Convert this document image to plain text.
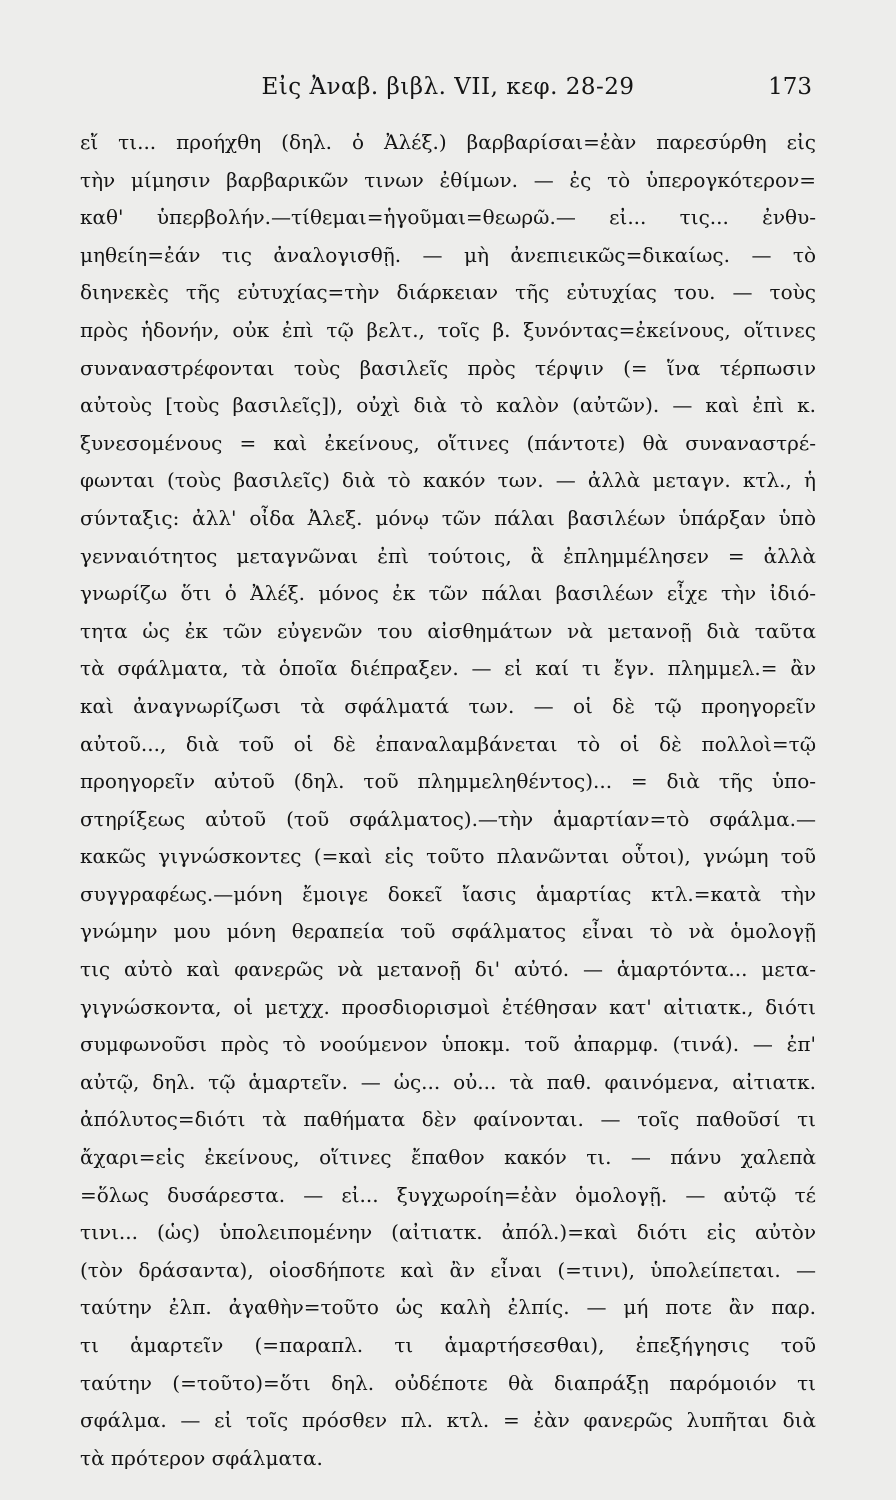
Εἰς Ἀναβ. βιβλ. VII, κεφ. 28-29	173
εἴ τι... προήχθη (δηλ. ὁ Ἀλέξ.) βαρβαρίσαι=ἐὰν παρεσύρθη εἰς
τὴν μίμησιν βαρβαρικῶν τινων ἐθίμων. — ἐς τὸ ὑπερογκότερον=
καθ' ὑπερβολήν.—τίθεμαι=ἡγοῦμαι=θεωρῶ.— εἰ... τις... ἐνθυ-
μηθείη=ἐάν τις ἀναλογισθῇ. — μὴ ἀνεπιεικῶς=δικαίως. — τὸ
διηνεκὲς τῆς εὐτυχίας=τὴν διάρκειαν τῆς εὐτυχίας του. — τοὺς
πρὸς ἡδονήν, οὐκ ἐπὶ τῷ βελτ., τοῖς β. ξυνόντας=ἐκείνους, οἵτινες
συναναστρέφονται τοὺς βασιλεῖς πρὸς τέρψιν (= ἵνα τέρπωσιν
αὐτοὺς [τοὺς βασιλεῖς]), οὐχὶ διὰ τὸ καλὸν (αὐτῶν). — καὶ ἐπὶ κ.
ξυνεσομένους = καὶ ἐκείνους, οἵτινες (πάντοτε) θὰ συναναστρέ-
φωνται (τοὺς βασιλεῖς) διὰ τὸ κακόν των. — ἀλλὰ μεταγν. κτλ., ἡ
σύνταξις: ἀλλ' οἶδα Ἀλεξ. μόνῳ τῶν πάλαι βασιλέων ὑπάρξαν ὑπὸ
γενναιότητος μεταγνῶναι ἐπὶ τούτοις, ἃ ἐπλημμέλησεν = ἀλλὰ
γνωρίζω ὅτι ὁ Ἀλέξ. μόνος ἐκ τῶν πάλαι βασιλέων εἶχε τὴν ἰδιό-
τητα ὡς ἐκ τῶν εὐγενῶν του αἰσθημάτων νὰ μετανοῇ διὰ ταῦτα
τὰ σφάλματα, τὰ ὁποῖα διέπραξεν. — εἰ καί τι ἔγν. πλημμελ.= ἂν
καὶ ἀναγνωρίζωσι τὰ σφάλματά των. — οἱ δὲ τῷ προηγορεῖν
αὐτοῦ..., διὰ τοῦ οἱ δὲ ἐπαναλαμβάνεται τὸ οἱ δὲ πολλοὶ=τῷ
προηγορεῖν αὐτοῦ (δηλ. τοῦ πλημμεληθέντος)... = διὰ τῆς ὑπο-
στηρίξεως αὐτοῦ (τοῦ σφάλματος).—τὴν ἁμαρτίαν=τὸ σφάλμα.—
κακῶς γιγνώσκοντες (=καὶ εἰς τοῦτο πλανῶνται οὗτοι), γνώμη τοῦ
συγγραφέως.—μόνη ἔμοιγε δοκεῖ ἴασις ἁμαρτίας κτλ.=κατὰ τὴν
γνώμην μου μόνη θεραπεία τοῦ σφάλματος εἶναι τὸ νὰ ὁμολογῇ
τις αὐτὸ καὶ φανερῶς νὰ μετανοῇ δι' αὐτό. — ἁμαρτόντα... μετα-
γιγνώσκοντα, οἱ μετχχ. προσδιορισμοὶ ἐτέθησαν κατ' αἰτιατκ., διότι
συμφωνοῦσι πρὸς τὸ νοούμενον ὑποκμ. τοῦ ἀπαρμφ. (τινά). — ἐπ'
αὐτῷ, δηλ. τῷ ἁμαρτεῖν. — ὡς... οὐ... τὰ παθ. φαινόμενα, αἰτιατκ.
ἀπόλυτος=διότι τὰ παθήματα δὲν φαίνονται. — τοῖς παθοῦσί τι
ἄχαρι=εἰς ἐκείνους, οἵτινες ἔπαθον κακόν τι. — πάνυ χαλεπὰ
=ὅλως δυσάρεστα. — εἰ... ξυγχωροίη=ἐὰν ὁμολογῇ. — αὐτῷ τέ
τινι... (ὡς) ὑπολειπομένην (αἰτιατκ. ἀπόλ.)=καὶ διότι εἰς αὐτὸν
(τὸν δράσαντα), οἱοσδήποτε καὶ ἂν εἶναι (=τινι), ὑπολείπεται. —
ταύτην ἐλπ. ἀγαθὴν=τοῦτο ὡς καλὴ ἐλπίς. — μή ποτε ἂν παρ.
τι ἁμαρτεῖν (=παραπλ. τι ἁμαρτήσεσθαι), ἐπεξήγησις τοῦ
ταύτην (=τοῦτο)=ὅτι δηλ. οὐδέποτε θὰ διαπράξῃ παρόμοιόν τι
σφάλμα. — εἰ τοῖς πρόσθεν πλ. κτλ. = ἐὰν φανερῶς λυπῆται διὰ
τὰ πρότερον σφάλματα.
